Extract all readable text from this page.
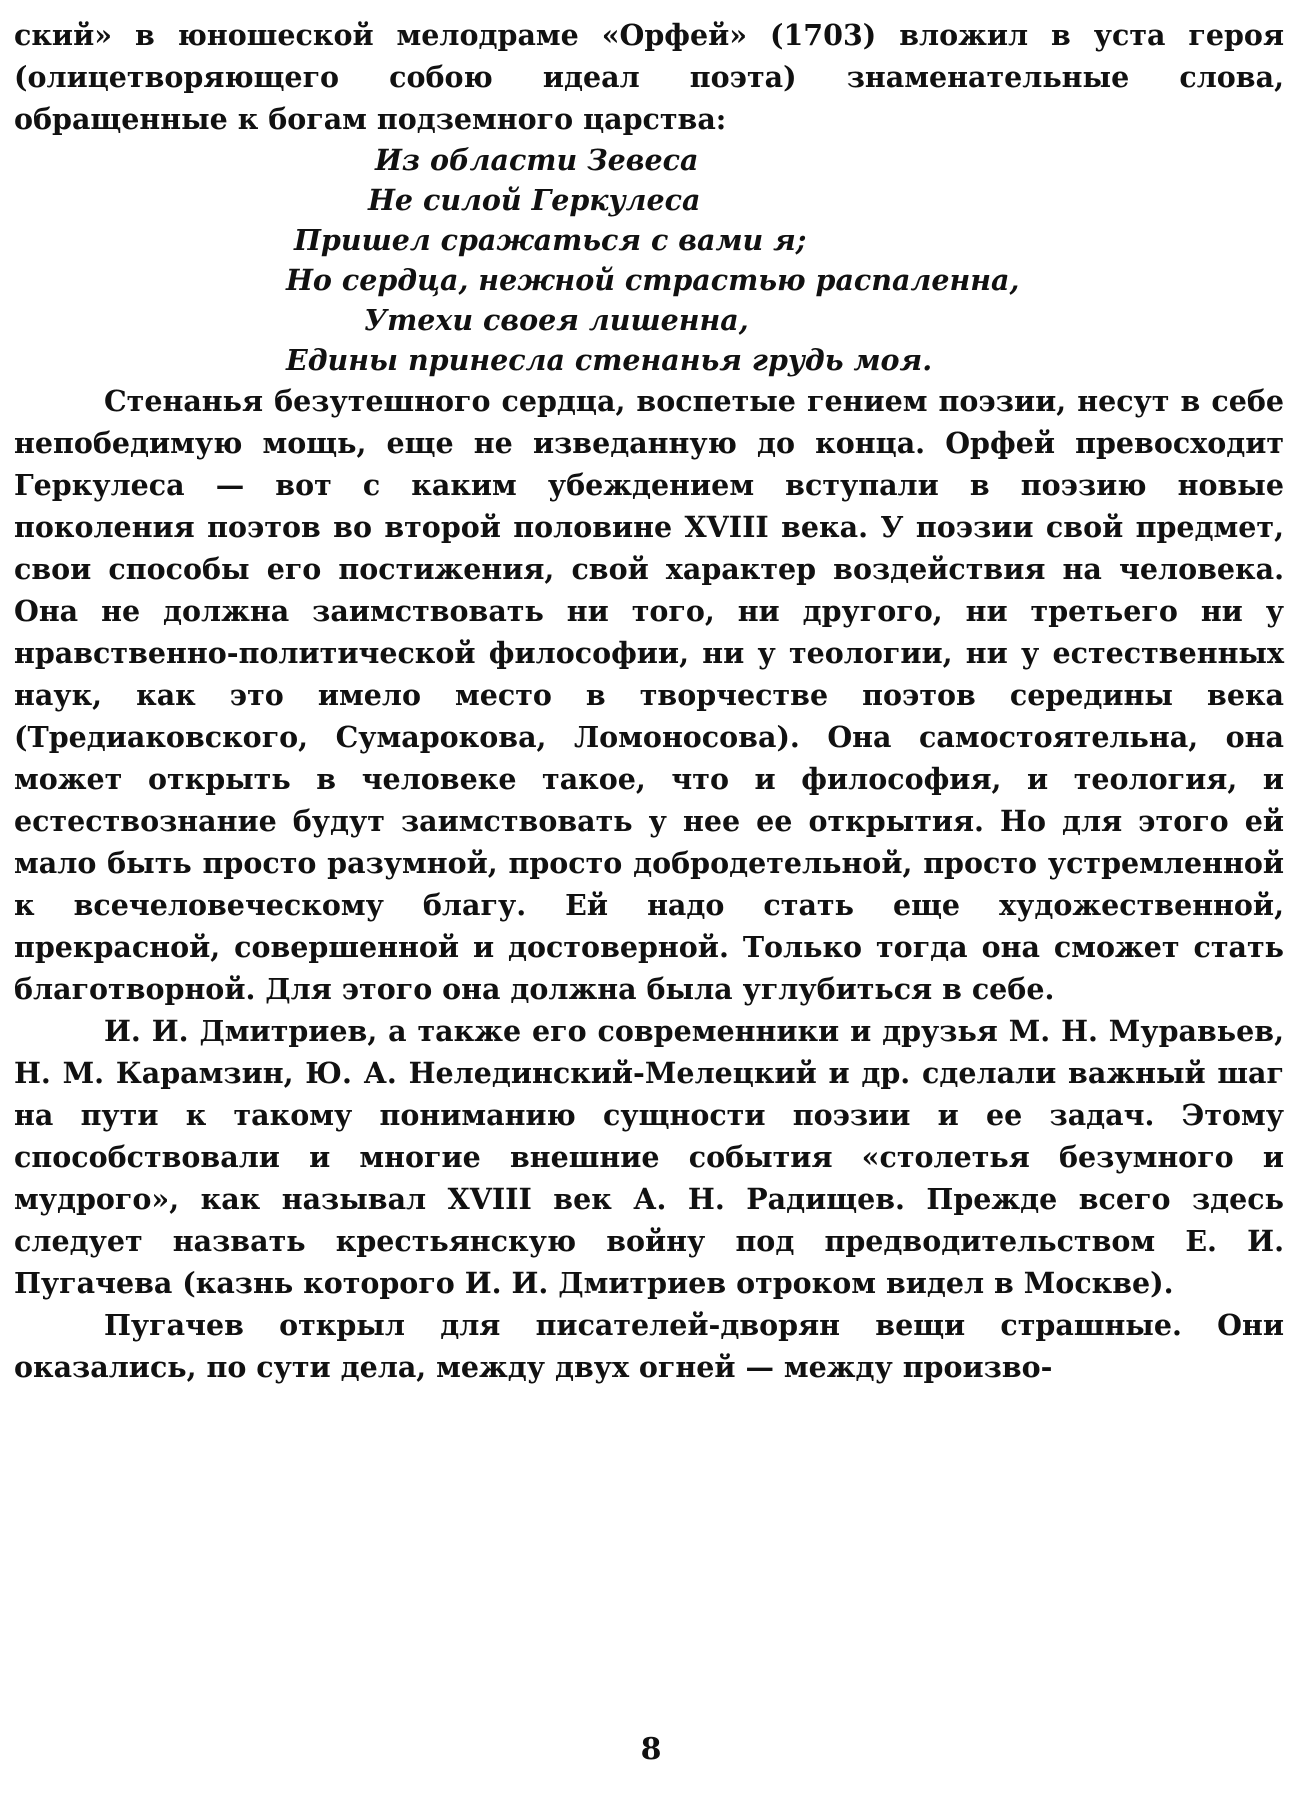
ский» в юношеской мелодраме «Орфей» (1703) вложил в уста героя (олицетворяющего собою идеал поэта) знаменательные слова, обращенные к богам подземного царства:

Из области Зевеса
Не силой Геркулеса
Пришел сражаться с вами я;
Но сердца, нежной страстью распаленна,
Утехи своея лишенна,
Едины принесла стенанья грудь моя.

Стенанья безутешного сердца, воспетые гением поэзии, несут в себе непобедимую мощь, еще не изведанную до конца. Орфей превосходит Геркулеса — вот с каким убеждением вступали в поэзию новые поколения поэтов во второй половине XVIII века. У поэзии свой предмет, свои способы его постижения, свой характер воздействия на человека. Она не должна заимствовать ни того, ни другого, ни третьего ни у нравственно-политической философии, ни у теологии, ни у естественных наук, как это имело место в творчестве поэтов середины века (Тредиаковского, Сумарокова, Ломоносова). Она самостоятельна, она может открыть в человеке такое, что и философия, и теология, и естествознание будут заимствовать у нее ее открытия. Но для этого ей мало быть просто разумной, просто добродетельной, просто устремленной к всечеловеческому благу. Ей надо стать еще художественной, прекрасной, совершенной и достоверной. Только тогда она сможет стать благотворной. Для этого она должна была углубиться в себе.

И. И. Дмитриев, а также его современники и друзья М. Н. Муравьев, Н. М. Карамзин, Ю. А. Нелединский-Мелецкий и др. сделали важный шаг на пути к такому пониманию сущности поэзии и ее задач. Этому способствовали и многие внешние события «столетья безумного и мудрого», как называл XVIII век А. Н. Радищев. Прежде всего здесь следует назвать крестьянскую войну под предводительством Е. И. Пугачева (казнь которого И. И. Дмитриев отроком видел в Москве).

Пугачев открыл для писателей-дворян вещи страшные. Они оказались, по сути дела, между двух огней — между произво-

8
